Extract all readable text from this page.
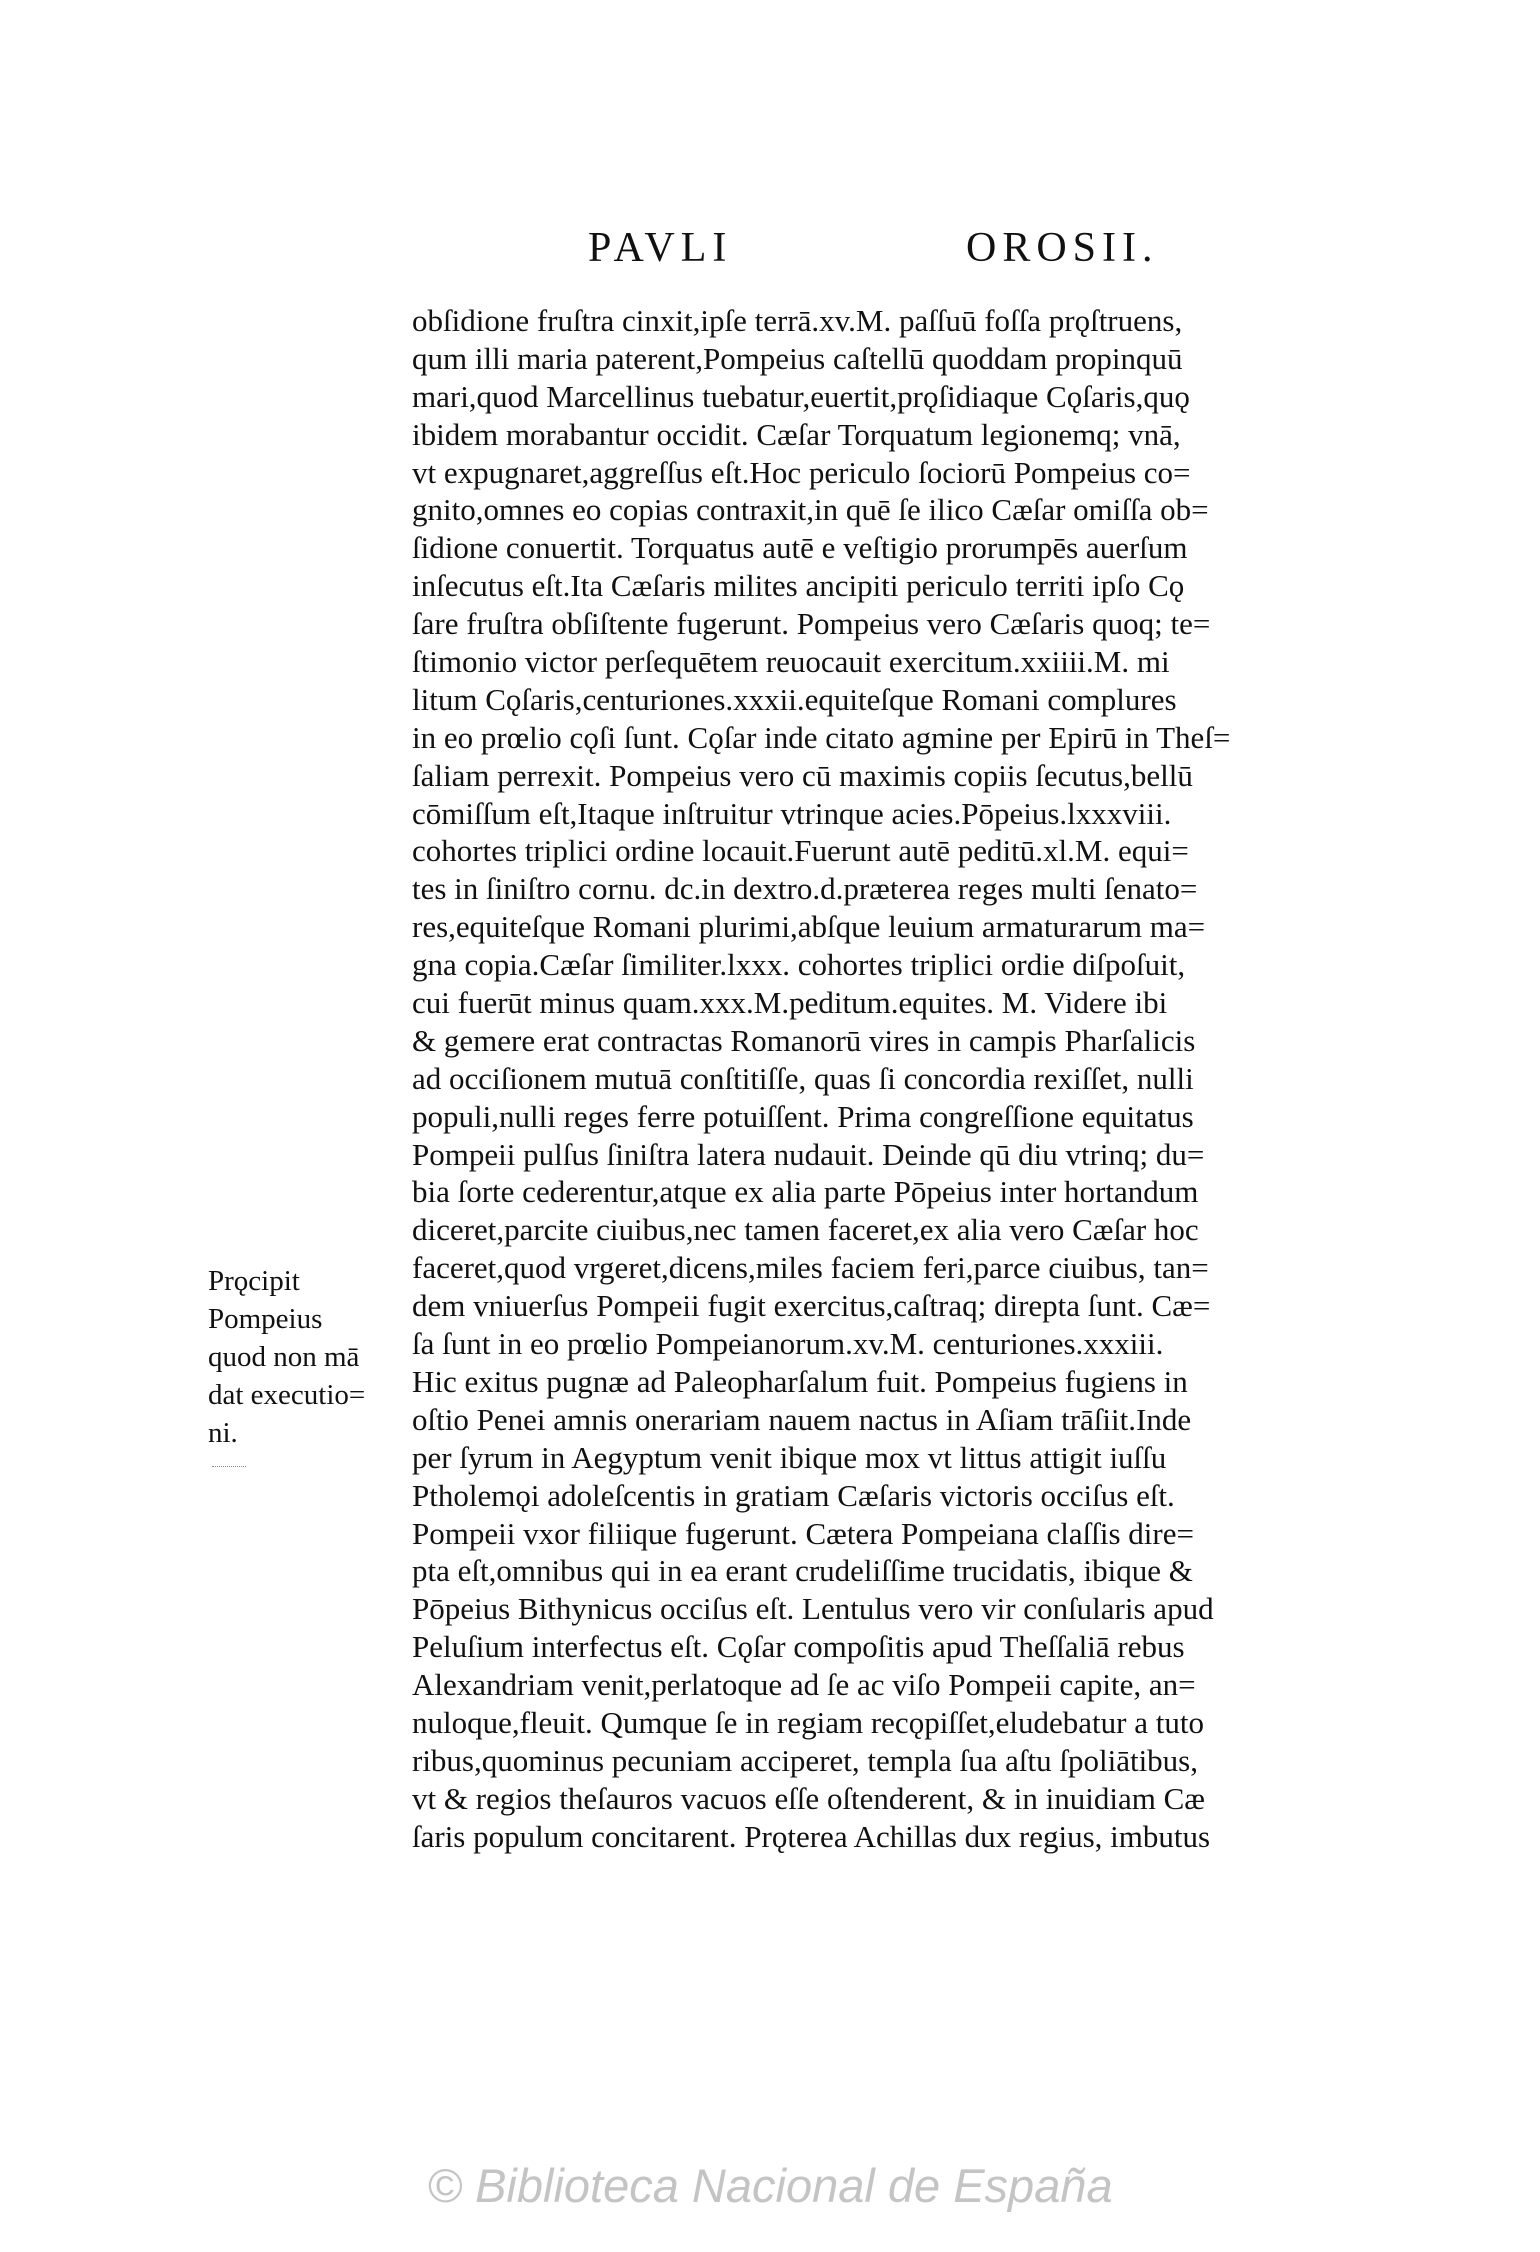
PAVLI	OROSII.
obſidione fruſtra cinxit,ipſe terrā.xv.M. paſſuū foſſa prǫſtruens,
qum illi maria paterent,Pompeius caſtellū quoddam propinquū
mari,quod Marcellinus tuebatur,euertit,prǫſidiaque Cǫſaris,quǫ
ibidem morabantur occidit. Cæſar Torquatum legionemq; vnā,
vt expugnaret,aggreſſus eſt.Hoc periculo ſociorū Pompeius co=
gnito,omnes eo copias contraxit,in quē ſe ilico Cæſar omiſſa ob=
ſidione conuertit. Torquatus autē e veſtigio prorumpēs auerſum
inſecutus eſt.Ita Cæſaris milites ancipiti periculo territi ipſo Cǫ
ſare fruſtra obſiſtente fugerunt. Pompeius vero Cæſaris quoq; te=
ſtimonio victor perſequētem reuocauit exercitum.xxiiii.M. mi
litum Cǫſaris,centuriones.xxxii.equiteſque Romani complures
in eo prœlio cǫſi ſunt. Cǫſar inde citato agmine per Epirū in Theſ=
ſaliam perrexit. Pompeius vero cū maximis copiis ſecutus,bellū
cōmiſſum eſt,Itaque inſtruitur vtrinque acies.Pōpeius.lxxxviii.
cohortes triplici ordine locauit.Fuerunt autē peditū.xl.M. equi=
tes in ſiniſtro cornu. dc.in dextro.d.præterea reges multi ſenato=
res,equiteſque Romani plurimi,abſque leuium armaturarum ma=
gna copia.Cæſar ſimiliter.lxxx. cohortes triplici ordie diſpoſuit,
cui fuerūt minus quam.xxx.M.peditum.equites. M. Videre ibi
& gemere erat contractas Romanorū vires in campis Pharſalicis
ad occiſionem mutuā conſtitiſſe, quas ſi concordia rexiſſet, nulli
populi,nulli reges ferre potuiſſent. Prima congreſſione equitatus
Pompeii pulſus ſiniſtra latera nudauit. Deinde qū diu vtrinq; du=
bia ſorte cederentur,atque ex alia parte Pōpeius inter hortandum
diceret,parcite ciuibus,nec tamen faceret,ex alia vero Cæſar hoc
faceret,quod vrgeret,dicens,miles faciem feri,parce ciuibus, tan=
dem vniuerſus Pompeii fugit exercitus,caſtraq; direpta ſunt. Cæ=
ſa ſunt in eo prœlio Pompeianorum.xv.M. centuriones.xxxiii.
Hic exitus pugnæ ad Paleopharſalum fuit. Pompeius fugiens in
oſtio Penei amnis onerariam nauem nactus in Aſiam trāſiit.Inde
per ſyrum in Aegyptum venit ibique mox vt littus attigit iuſſu
Ptholemǫi adoleſcentis in gratiam Cæſaris victoris occiſus eſt.
Pompeii vxor filiique fugerunt. Cætera Pompeiana claſſis dire=
pta eſt,omnibus qui in ea erant crudeliſſime trucidatis, ibique &
Pōpeius Bithynicus occiſus eſt. Lentulus vero vir conſularis apud
Peluſium interfectus eſt. Cǫſar compoſitis apud Theſſaliā rebus
Alexandriam venit,perlatoque ad ſe ac viſo Pompeii capite, an=
nuloque,fleuit. Qumque ſe in regiam recǫpiſſet,eludebatur a tuto
ribus,quominus pecuniam acciperet, templa ſua aſtu ſpoliātibus,
vt & regios theſauros vacuos eſſe oſtenderent, & in inuidiam Cæ
ſaris populum concitarent. Prǫterea Achillas dux regius, imbutus
Prǫcipit
Pompeius
quod non mā
dat executio=
ni.
© Biblioteca Nacional de España
